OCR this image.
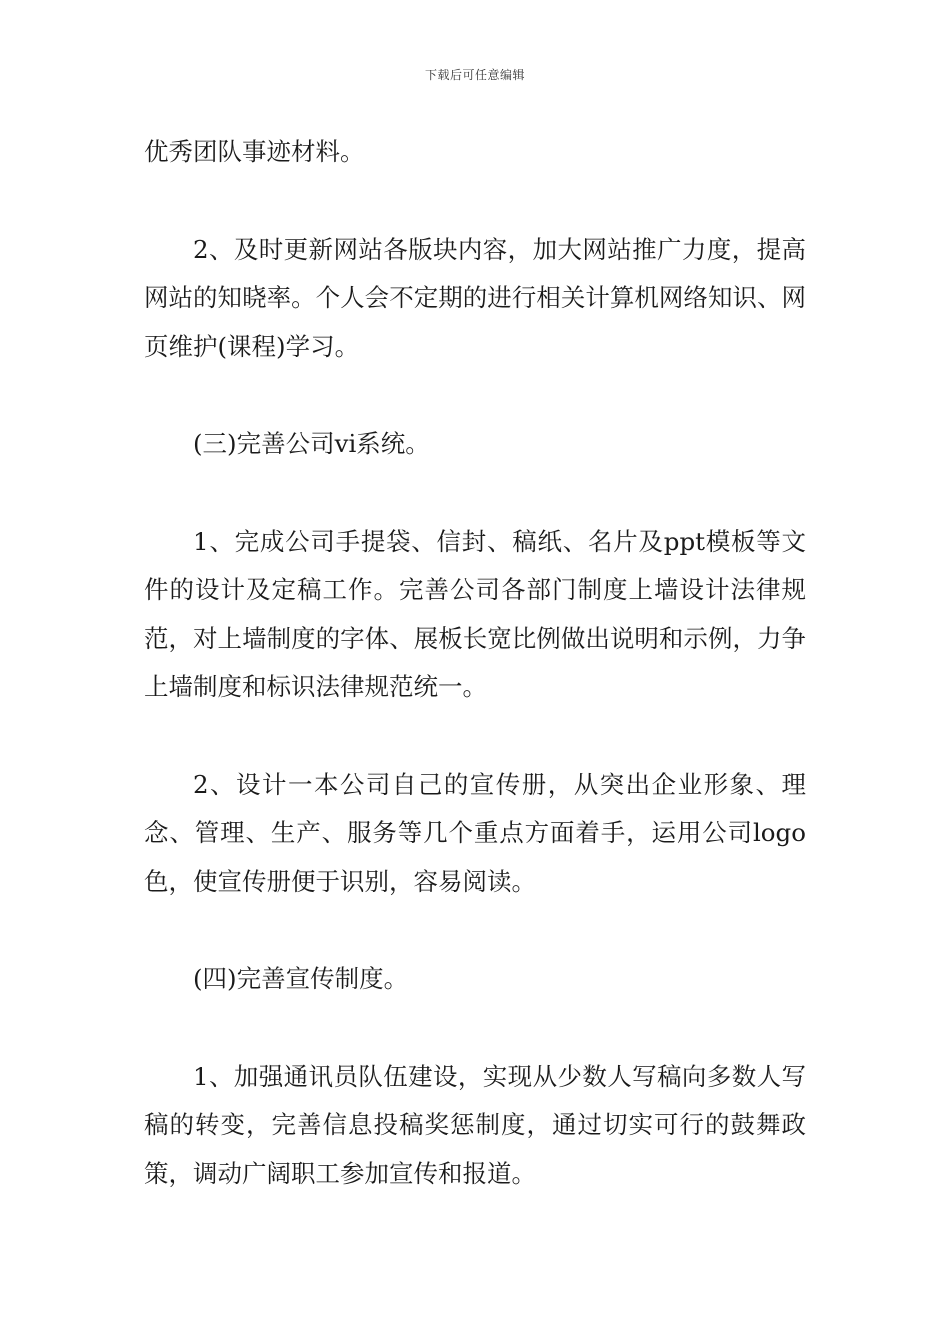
下载后可任意编辑

优秀团队事迹材料。

2、及时更新网站各版块内容，加大网站推广力度，提高网站的知晓率。个人会不定期的进行相关计算机网络知识、网页维护(课程)学习。

(三)完善公司vi系统。

1、完成公司手提袋、信封、稿纸、名片及ppt模板等文件的设计及定稿工作。完善公司各部门制度上墙设计法律规范，对上墙制度的字体、展板长宽比例做出说明和示例，力争上墙制度和标识法律规范统一。

2、设计一本公司自己的宣传册，从突出企业形象、理念、管理、生产、服务等几个重点方面着手，运用公司logo色，使宣传册便于识别，容易阅读。

(四)完善宣传制度。

1、加强通讯员队伍建设，实现从少数人写稿向多数人写稿的转变，完善信息投稿奖惩制度，通过切实可行的鼓舞政策，调动广阔职工参加宣传和报道。
